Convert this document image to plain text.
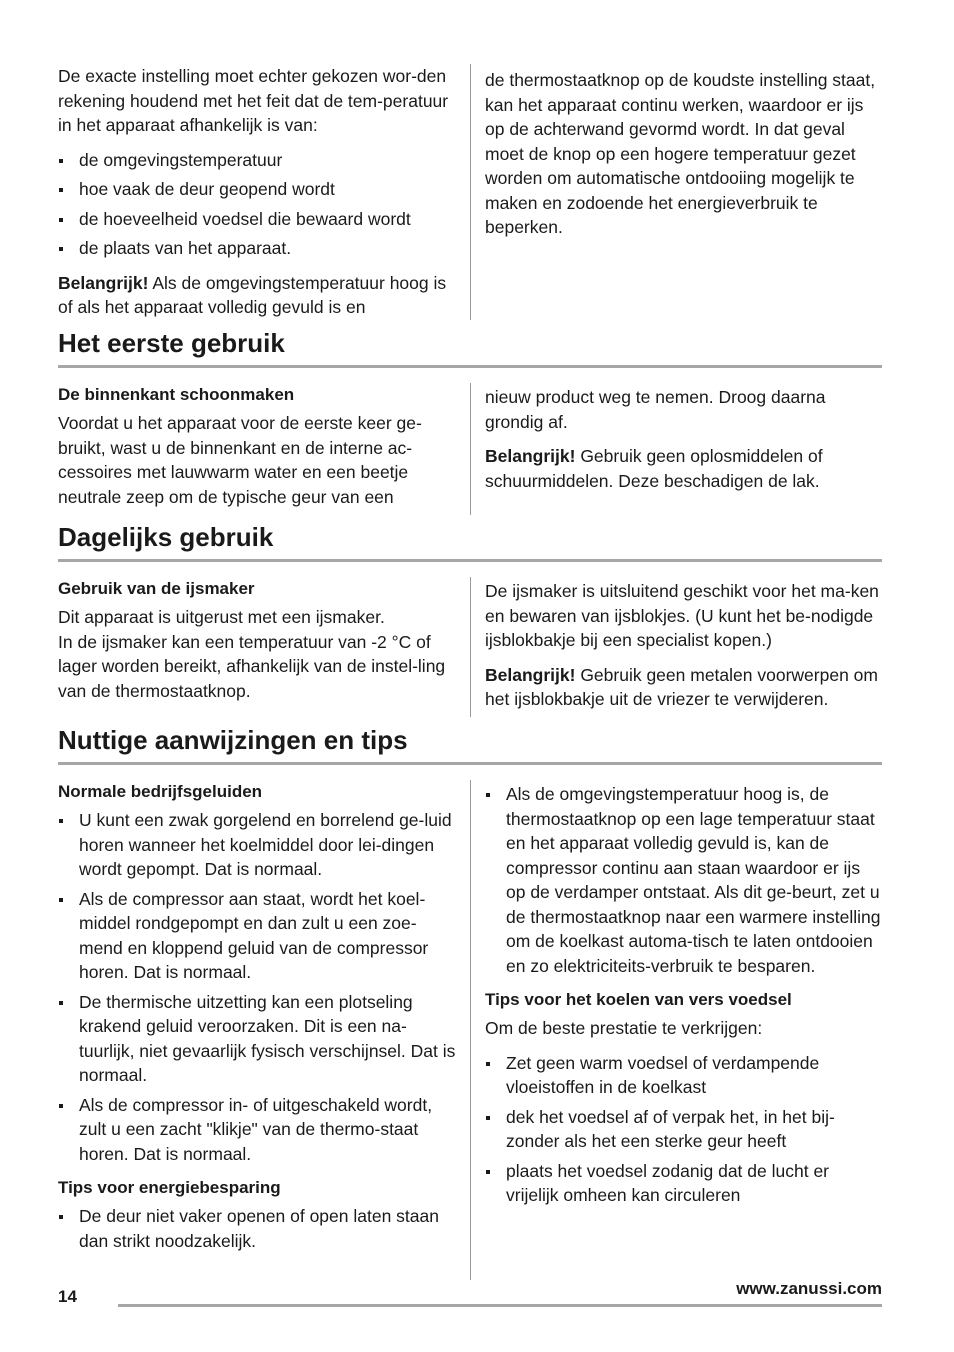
De exacte instelling moet echter gekozen wor-den rekening houdend met het feit dat de tem-peratuur in het apparaat afhankelijk is van:

de omgevingstemperatuur
hoe vaak de deur geopend wordt
de hoeveelheid voedsel die bewaard wordt
de plaats van het apparaat.

Belangrijk! Als de omgevingstemperatuur hoog is of als het apparaat volledig gevuld is en

de thermostaatknop op de koudste instelling staat, kan het apparaat continu werken, waardoor er ijs op de achterwand gevormd wordt. In dat geval moet de knop op een hogere temperatuur gezet worden om automatische ontdooiing mogelijk te maken en zodoende het energieverbruik te beperken.

Het eerste gebruik
De binnenkant schoonmaken

Voordat u het apparaat voor de eerste keer ge-bruikt, wast u de binnenkant en de interne ac-cessoires met lauwwarm water en een beetje neutrale zeep om de typische geur van een

nieuw product weg te nemen. Droog daarna grondig af.

Belangrijk! Gebruik geen oplosmiddelen of schuurmiddelen. Deze beschadigen de lak.

Dagelijks gebruik
Gebruik van de ijsmaker

Dit apparaat is uitgerust met een ijsmaker.

In de ijsmaker kan een temperatuur van -2 °C of lager worden bereikt, afhankelijk van de instel-ling van de thermostaatknop.

De ijsmaker is uitsluitend geschikt voor het ma-ken en bewaren van ijsblokjes. (U kunt het be-nodigde ijsblokbakje bij een specialist kopen.)

Belangrijk! Gebruik geen metalen voorwerpen om het ijsblokbakje uit de vriezer te verwijderen.

Nuttige aanwijzingen en tips
Normale bedrijfsgeluiden
U kunt een zwak gorgelend en borrelend ge-luid horen wanneer het koelmiddel door lei-dingen wordt gepompt. Dat is normaal.
Als de compressor aan staat, wordt het koel-middel rondgepompt en dan zult u een zoe-mend en kloppend geluid van de compressor horen. Dat is normaal.
De thermische uitzetting kan een plotseling krakend geluid veroorzaken. Dit is een na-tuurlijk, niet gevaarlijk fysisch verschijnsel. Dat is normaal.
Als de compressor in- of uitgeschakeld wordt, zult u een zacht "klikje" van de thermo-staat horen. Dat is normaal.
Tips voor energiebesparing
De deur niet vaker openen of open laten staan dan strikt noodzakelijk.
Als de omgevingstemperatuur hoog is, de thermostaatknop op een lage temperatuur staat en het apparaat volledig gevuld is, kan de compressor continu aan staan waardoor er ijs op de verdamper ontstaat. Als dit ge-beurt, zet u de thermostaatknop naar een warmere instelling om de koelkast automa-tisch te laten ontdooien en zo elektriciteits-verbruik te besparen.
Tips voor het koelen van vers voedsel

Om de beste prestatie te verkrijgen:

Zet geen warm voedsel of verdampende vloeistoffen in de koelkast
dek het voedsel af of verpak het, in het bij-zonder als het een sterke geur heeft
plaats het voedsel zodanig dat de lucht er vrijelijk omheen kan circuleren
14	www.zanussi.com
